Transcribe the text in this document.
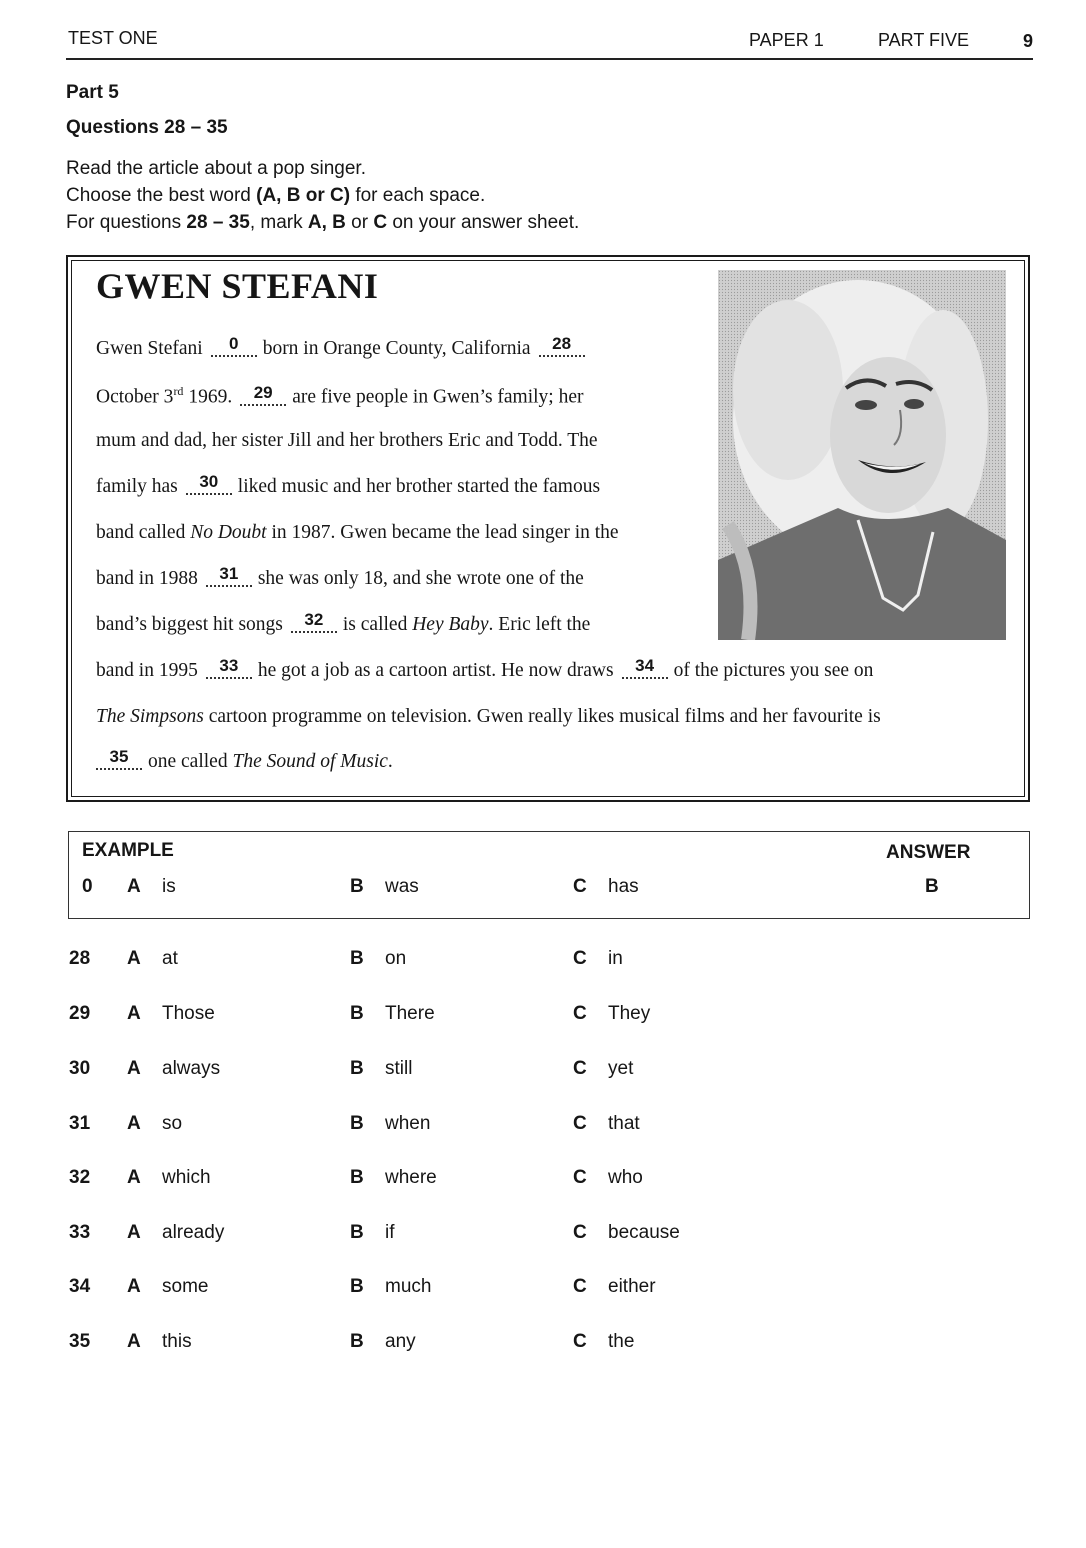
TEST ONE	PAPER 1	PART FIVE	9
Part 5
Questions 28 – 35
Read the article about a pop singer.
Choose the best word (A, B or C) for each space.
For questions 28 – 35, mark A, B or C on your answer sheet.
GWEN STEFANI
Gwen Stefani 0 born in Orange County, California 28
October 3rd 1969. 29 are five people in Gwen’s family; her
mum and dad, her sister Jill and her brothers Eric and Todd. The
family has 30 liked music and her brother started the famous
band called No Doubt in 1987. Gwen became the lead singer in the
band in 1988 31 she was only 18, and she wrote one of the
band’s biggest hit songs 32 is called Hey Baby. Eric left the
band in 1995 33 he got a job as a cartoon artist. He now draws 34 of the pictures you see on
The Simpsons cartoon programme on television. Gwen really likes musical films and her favourite is
35 one called The Sound of Music.
EXAMPLE	ANSWER
0 A is	B was	C has	B
28 A at	B on	C in
29 A Those	B There	C They
30 A always	B still	C yet
31 A so	B when	C that
32 A which	B where	C who
33 A already	B if	C because
34 A some	B much	C either
35 A this	B any	C the
